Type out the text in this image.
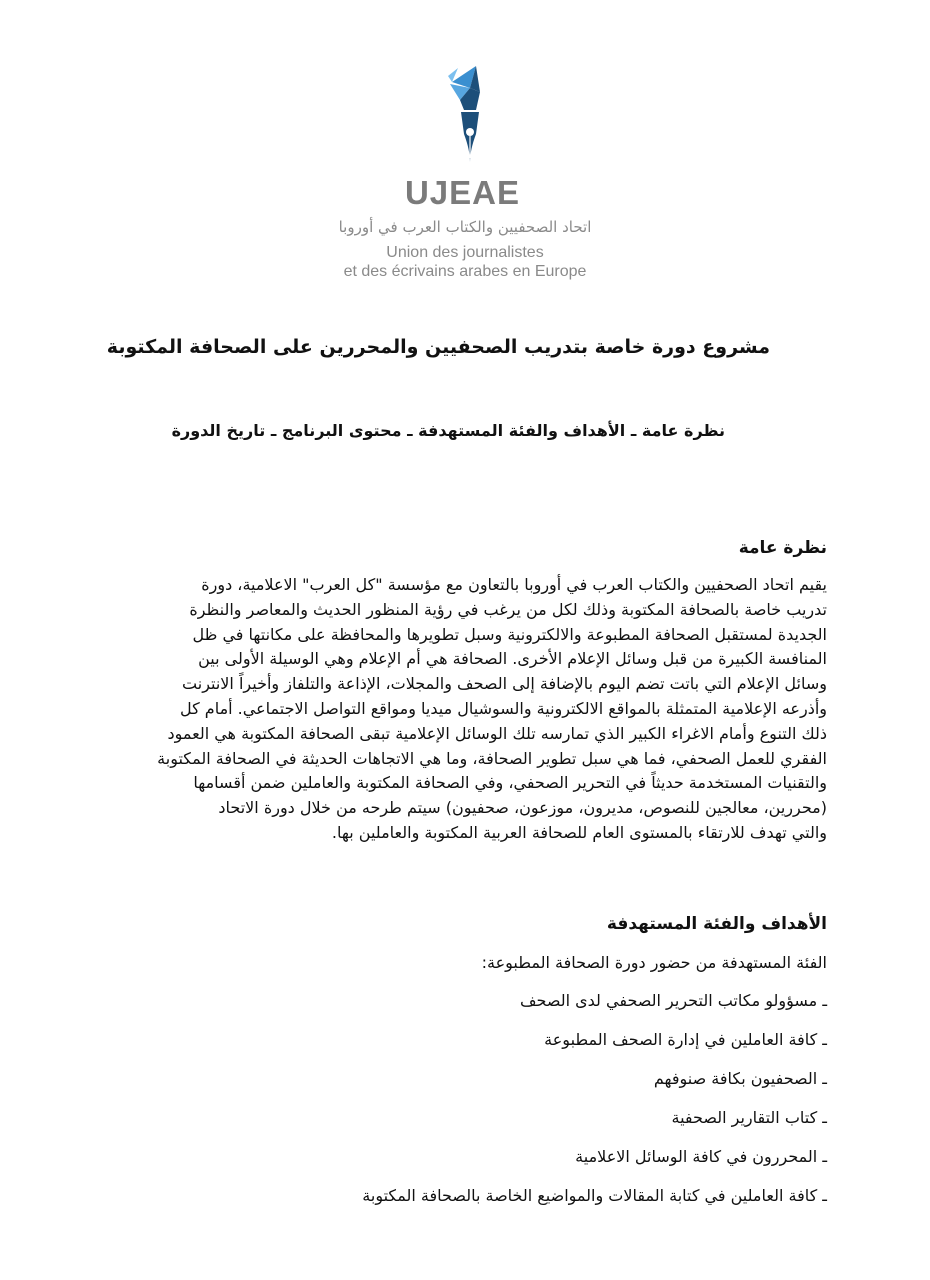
UJEAE
اتحاد الصحفيين والكتاب العرب في أوروبا
Union des journalistes
et des écrivains arabes en Europe
مشروع دورة خاصة بتدريب الصحفيين والمحررين على الصحافة المكتوبة
نظرة عامة ـ الأهداف والفئة المستهدفة ـ محتوى البرنامج ـ تاريخ الدورة
نظرة عامة
يقيم اتحاد الصحفيين والكتاب العرب في أوروبا بالتعاون مع مؤسسة "كل العرب" الاعلامية، دورة
تدريب خاصة بالصحافة المكتوبة وذلك لكل من يرغب في رؤية المنظور الحديث والمعاصر والنظرة
الجديدة لمستقبل الصحافة المطبوعة والالكترونية وسبل تطويرها والمحافظة على مكانتها في ظل
المنافسة الكبيرة من قبل وسائل الإعلام الأخرى. الصحافة هي أم الإعلام وهي الوسيلة الأولى بين
وسائل الإعلام التي باتت تضم اليوم بالإضافة إلى الصحف والمجلات، الإذاعة والتلفاز وأخيراً الانترنت
وأذرعه الإعلامية المتمثلة بالمواقع الالكترونية والسوشيال ميديا ومواقع التواصل الاجتماعي. أمام كل
ذلك التنوع وأمام الاغراء الكبير الذي تمارسه تلك الوسائل الإعلامية تبقى الصحافة المكتوبة هي العمود
الفقري للعمل الصحفي، فما هي سبل تطوير الصحافة، وما هي الاتجاهات الحديثة في الصحافة المكتوبة
والتقنيات المستخدمة حديثاً في التحرير الصحفي، وفي الصحافة المكتوبة والعاملين ضمن أقسامها
(محررين، معالجين للنصوص، مديرون، موزعون، صحفيون) سيتم طرحه من خلال دورة الاتحاد
والتي تهدف للارتقاء بالمستوى العام للصحافة العربية المكتوبة والعاملين بها.
الأهداف والفئة المستهدفة
الفئة المستهدفة من حضور دورة الصحافة المطبوعة:
ـ مسؤولو مكاتب التحرير الصحفي لدى الصحف
ـ كافة العاملين في إدارة الصحف المطبوعة
ـ الصحفيون بكافة صنوفهم
ـ كتاب التقارير الصحفية
ـ المحررون في كافة الوسائل الاعلامية
ـ كافة العاملين في كتابة المقالات والمواضيع الخاصة بالصحافة المكتوبة
